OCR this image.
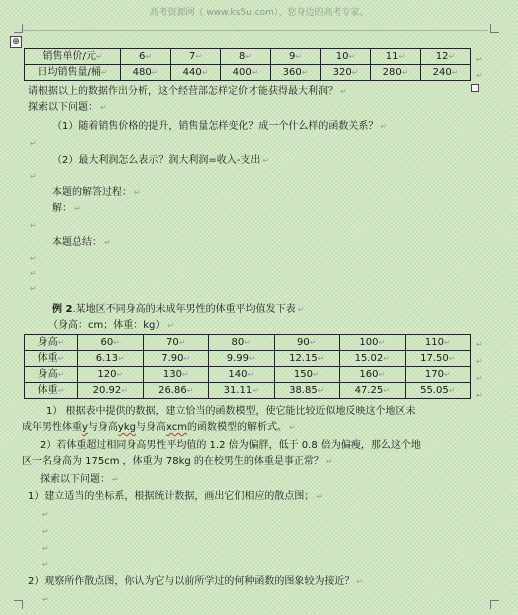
高考资源网（ www.ks5u.com），您身边的高考专家。
⊕
销售单价/元↵	6↵	7↵	8↵	9↵	10↵	11↵	12↵
日均销售量/桶↵	480↵	440↵	400↵	360↵	320↵	280↵	240↵
↵
↵
请根据以上的数据作出分析，这个经营部怎样定价才能获得最大利润？ ↵
探索以下问题： ↵
（1）随着销售价格的提升，销售量怎样变化？成一个什么样的函数关系？ ↵
↵
（2）最大利润怎么表示？润大利润=收入-支出 ↵
↵
本题的解答过程： ↵
解： ↵
↵
本题总结： ↵
↵
↵
↵
例 2.某地区不同身高的未成年男性的体重平均值发下表 ↵
（身高：cm；体重：kg） ↵
身高↵	60↵	70↵	80↵	90↵	100↵	110↵
体重↵	6.13↵	7.90↵	9.99↵	12.15↵	15.02↵	17.50↵
身高↵	120↵	130↵	140↵	150↵	160↵	170↵
体重↵	20.92↵	26.86↵	31.11↵	38.85↵	47.25↵	55.05↵
↵
↵
↵
↵
1） 根据表中提供的数据，建立恰当的函数模型，使它能比较近似地反映这个地区未
成年男性体重y与身高ykg与身高xcm的函数模型的解析式。 ↵
2）若体重超过相同身高男性平均值的 1.2 倍为偏胖，低于 0.8 倍为偏瘦，那么这个地
区一名身高为 175cm ，体重为 78kg 的在校男生的体重是事正常？ ↵
探索以下问题： ↵
1）建立适当的坐标系，根据统计数据，画出它们相应的散点图； ↵
↵
↵
↵
↵
2）观察所作散点图，你认为它与以前所学过的何种函数的图象较为接近？ ↵
↵
